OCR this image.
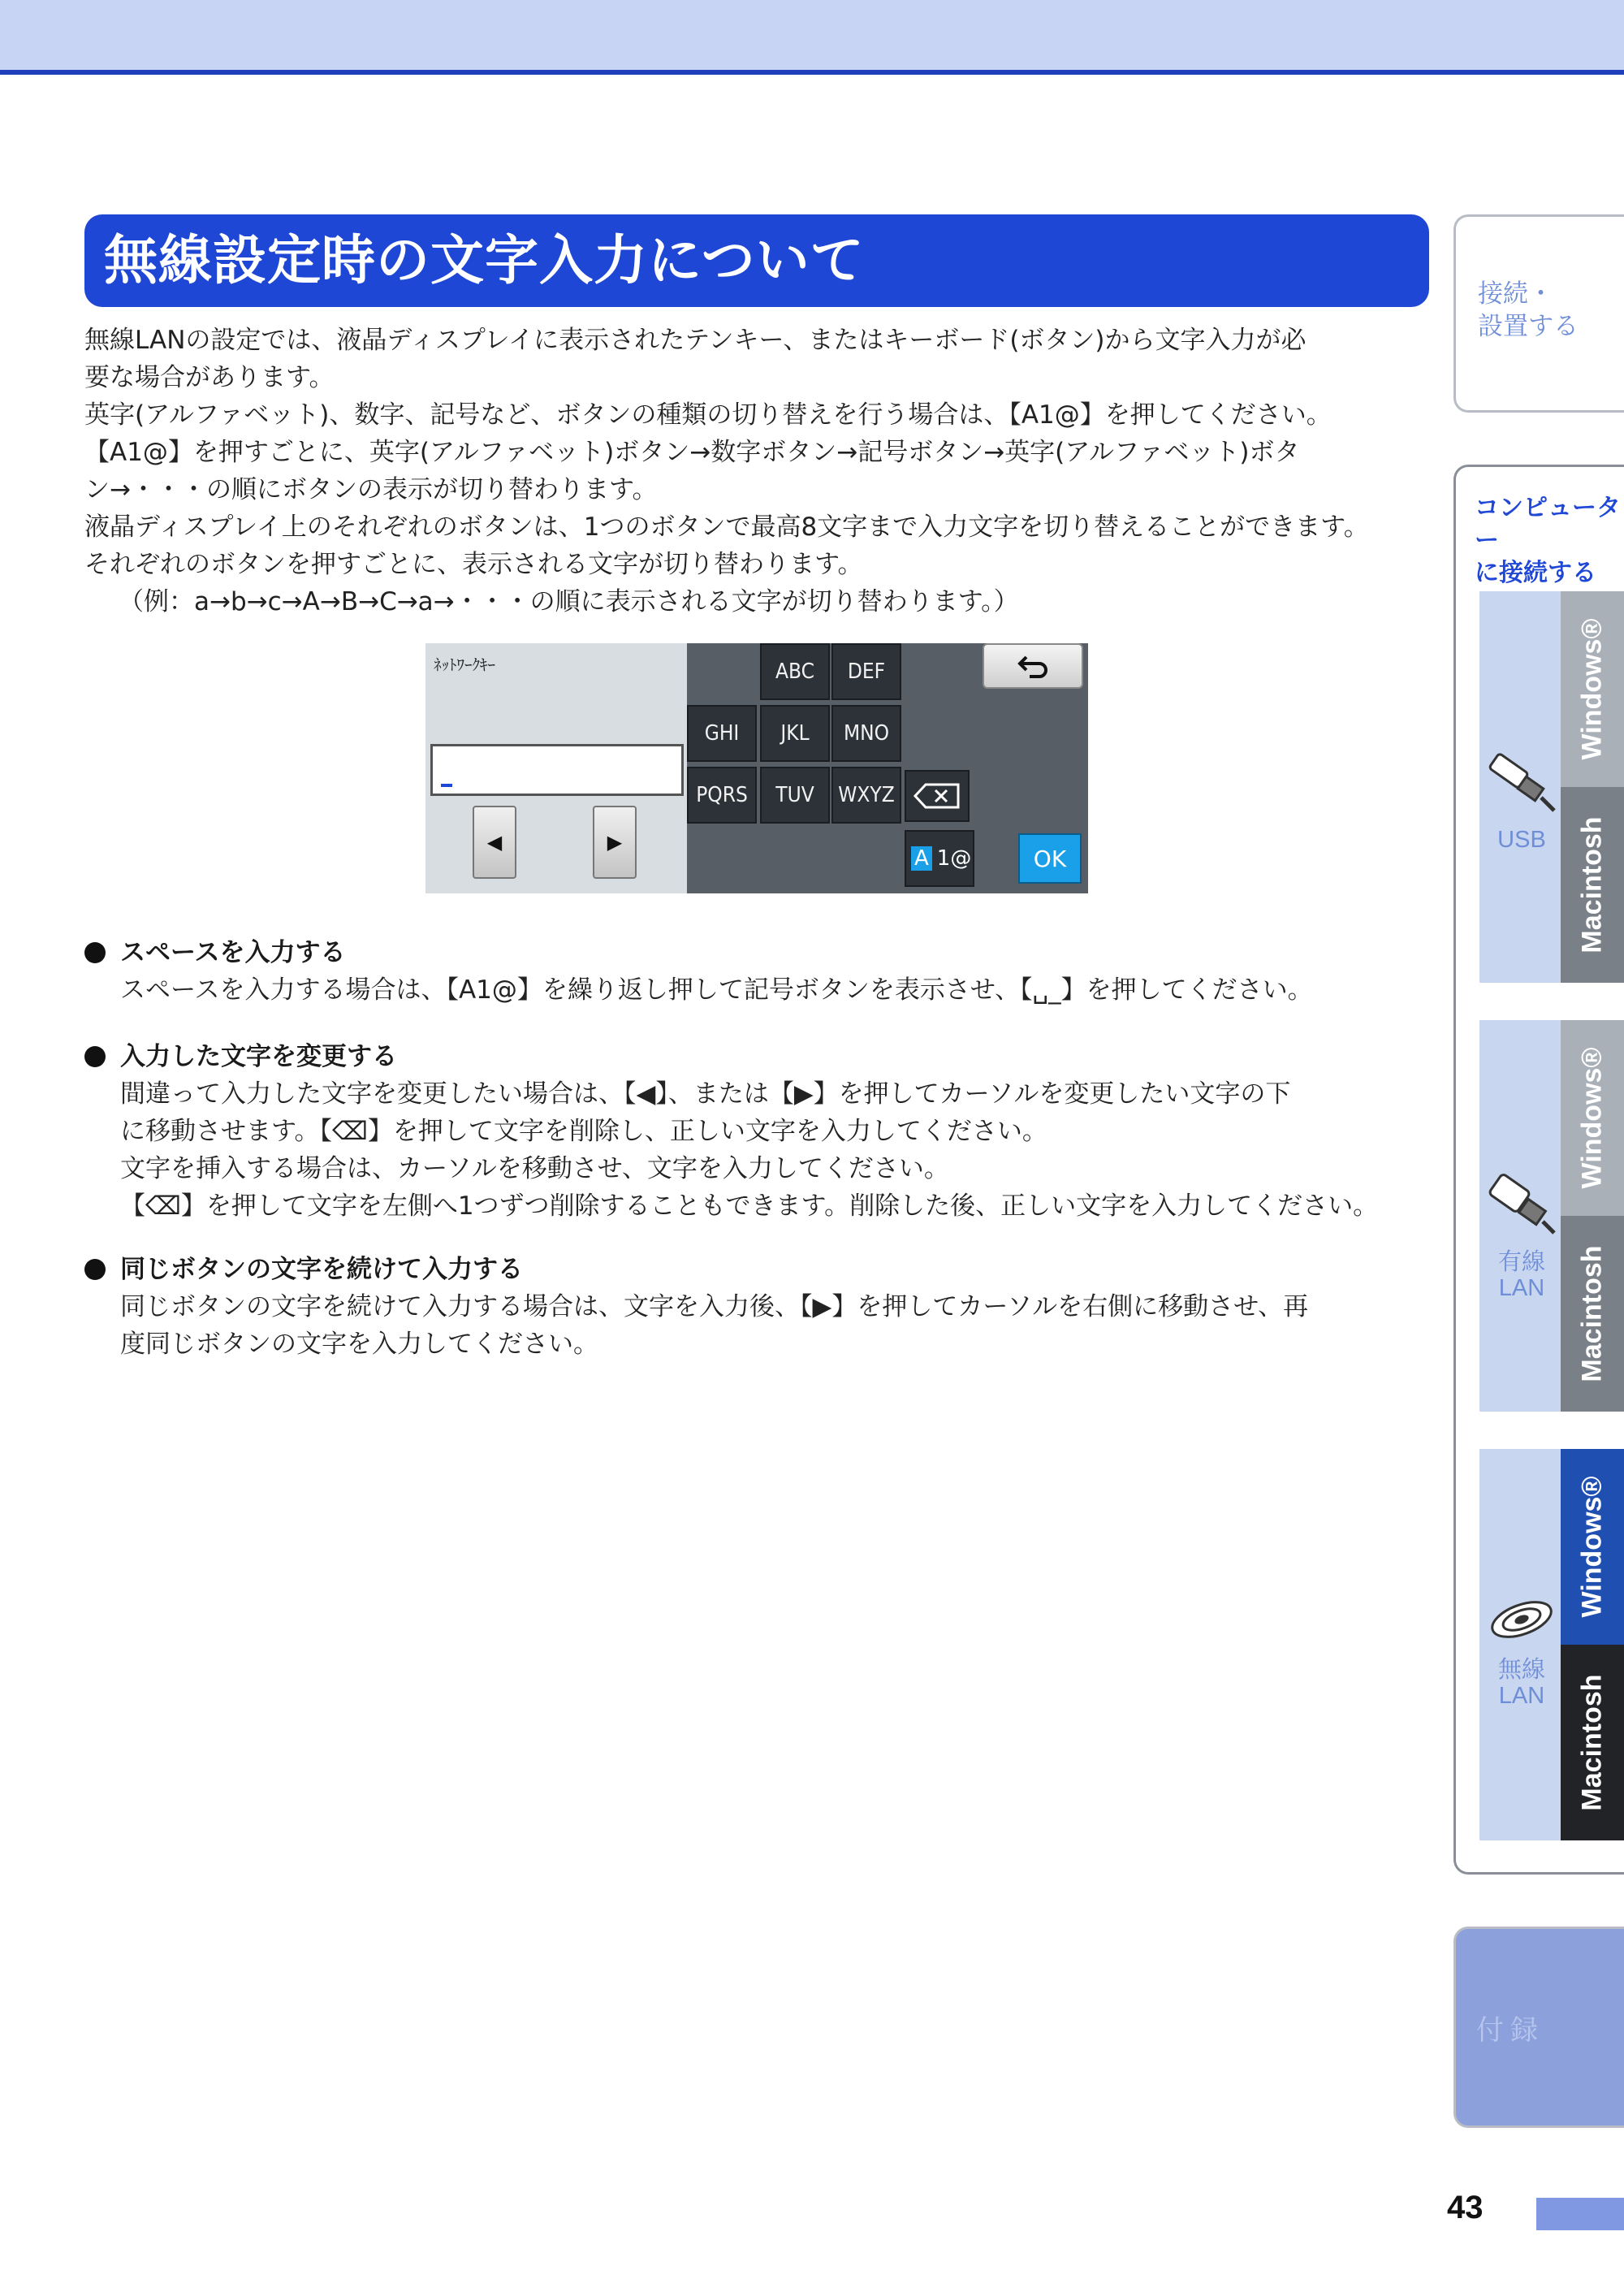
無線設定時の文字入力について

無線LANの設定では、液晶ディスプレイに表示されたテンキー、またはキーボード(ボタン)から文字入力が必

要な場合があります。

英字(アルファベット)、数字、記号など、ボタンの種類の切り替えを行う場合は、【A1@】を押してください。

【A1@】を押すごとに、英字(アルファベット)ボタン→数字ボタン→記号ボタン→英字(アルファベット)ボタ

ン→・・・の順にボタンの表示が切り替わります。

液晶ディスプレイ上のそれぞれのボタンは、1つのボタンで最高8文字まで入力文字を切り替えることができます。

それぞれのボタンを押すごとに、表示される文字が切り替わります。

（例：a→b→c→A→B→C→a→・・・の順に表示される文字が切り替わります。）

ﾈｯﾄﾜｰｸｷｰ
◀	▶
ABC	DEF
GHI	JKL	MNO
PQRS	TUV	WXYZ
A 1@	OK
スペースを入力する

スペースを入力する場合は、【A1@】を繰り返し押して記号ボタンを表示させ、【␣_】を押してください。

入力した文字を変更する

間違って入力した文字を変更したい場合は、【◀】、または【▶】を押してカーソルを変更したい文字の下

に移動させます。【⌫】を押して文字を削除し、正しい文字を入力してください。

文字を挿入する場合は、カーソルを移動させ、文字を入力してください。

【⌫】を押して文字を左側へ1つずつ削除することもできます。削除した後、正しい文字を入力してください。

同じボタンの文字を続けて入力する

同じボタンの文字を続けて入力する場合は、文字を入力後、【▶】を押してカーソルを右側に移動させ、再

度同じボタンの文字を入力してください。

接続・
設置する
コンピューター
に接続する
Windows®
Macintosh
USB
Windows®
Macintosh
有線
LAN
Windows®
Macintosh
無線
LAN
付録
43
